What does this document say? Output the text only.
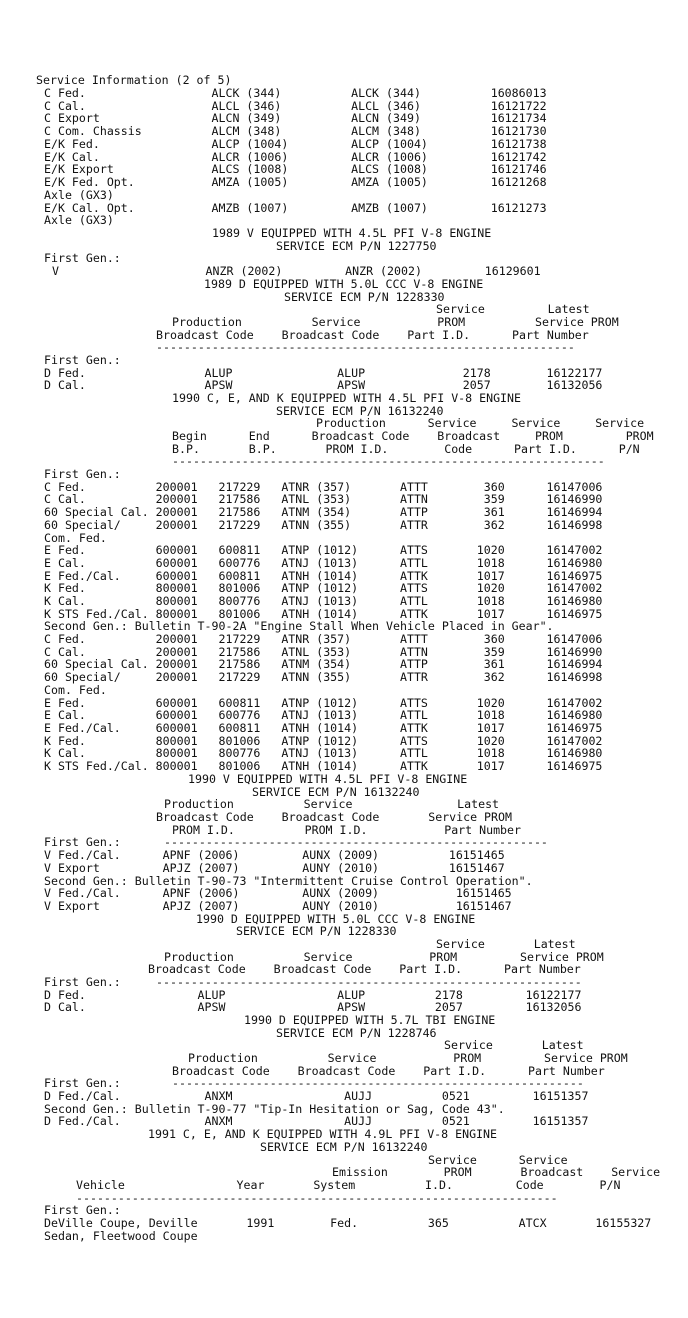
Service Information (2 of 5)
C Fed.                  ALCK (344)          ALCK (344)          16086013
C Cal.                  ALCL (346)          ALCL (346)          16121722
C Export                ALCN (349)          ALCN (349)          16121734
C Com. Chassis          ALCM (348)          ALCM (348)          16121730
E/K Fed.                ALCP (1004)         ALCP (1004)         16121738
E/K Cal.                ALCR (1006)         ALCR (1006)         16121742
E/K Export              ALCS (1008)         ALCS (1008)         16121746
E/K Fed. Opt.           AMZA (1005)         AMZA (1005)         16121268
Axle (GX3)
E/K Cal. Opt.           AMZB (1007)         AMZB (1007)         16121273
Axle (GX3)
1989 V EQUIPPED WITH 4.5L PFI V-8 ENGINE
SERVICE ECM P/N 1227750
First Gen.:
V                     ANZR (2002)         ANZR (2002)         16129601
1989 D EQUIPPED WITH 5.0L CCC V-8 ENGINE
SERVICE ECM P/N 1228330
Service         Latest
Production          Service           PROM          Service PROM
Broadcast Code    Broadcast Code    Part I.D.      Part Number
------------------------------------------------------------
First Gen.:
D Fed.                 ALUP               ALUP              2178        16122177
D Cal.                 APSW               APSW              2057        16132056
1990 C, E, AND K EQUIPPED WITH 4.5L PFI V-8 ENGINE
SERVICE ECM P/N 16132240
Production      Service     Service     Service
Begin      End      Broadcast Code    Broadcast     PROM         PROM
B.P.       B.P.       PROM I.D.        Code      Part I.D.      P/N
--------------------------------------------------------------
First Gen.:
C Fed.          200001   217229   ATNR (357)       ATTT        360      16147006
C Cal.          200001   217586   ATNL (353)       ATTN        359      16146990
60 Special Cal. 200001   217586   ATNM (354)       ATTP        361      16146994
60 Special/     200001   217229   ATNN (355)       ATTR        362      16146998
Com. Fed.
E Fed.          600001   600811   ATNP (1012)      ATTS       1020      16147002
E Cal.          600001   600776   ATNJ (1013)      ATTL       1018      16146980
E Fed./Cal.     600001   600811   ATNH (1014)      ATTK       1017      16146975
K Fed.          800001   801006   ATNP (1012)      ATTS       1020      16147002
K Cal.          800001   800776   ATNJ (1013)      ATTL       1018      16146980
K STS Fed./Cal. 800001   801006   ATNH (1014)      ATTK       1017      16146975
Second Gen.: Bulletin T-90-2A "Engine Stall When Vehicle Placed in Gear".
C Fed.          200001   217229   ATNR (357)       ATTT        360      16147006
C Cal.          200001   217586   ATNL (353)       ATTN        359      16146990
60 Special Cal. 200001   217586   ATNM (354)       ATTP        361      16146994
60 Special/     200001   217229   ATNN (355)       ATTR        362      16146998
Com. Fed.
E Fed.          600001   600811   ATNP (1012)      ATTS       1020      16147002
E Cal.          600001   600776   ATNJ (1013)      ATTL       1018      16146980
E Fed./Cal.     600001   600811   ATNH (1014)      ATTK       1017      16146975
K Fed.          800001   801006   ATNP (1012)      ATTS       1020      16147002
K Cal.          800001   800776   ATNJ (1013)      ATTL       1018      16146980
K STS Fed./Cal. 800001   801006   ATNH (1014)      ATTK       1017      16146975
1990 V EQUIPPED WITH 4.5L PFI V-8 ENGINE
SERVICE ECM P/N 16132240
Production          Service               Latest
Broadcast Code    Broadcast Code       Service PROM
PROM I.D.          PROM I.D.           Part Number
-------------------------------------------------------
First Gen.:
V Fed./Cal.      APNF (2006)         AUNX (2009)          16151465
V Export         APJZ (2007)         AUNY (2010)          16151467
Second Gen.: Bulletin T-90-73 "Intermittent Cruise Control Operation".
V Fed./Cal.      APNF (2006)         AUNX (2009)           16151465
V Export         APJZ (2007)         AUNY (2010)           16151467
1990 D EQUIPPED WITH 5.0L CCC V-8 ENGINE
SERVICE ECM P/N 1228330
Service       Latest
Production          Service           PROM         Service PROM
Broadcast Code    Broadcast Code    Part I.D.      Part Number
First Gen.:	-------------------------------------------------------------
D Fed.                ALUP                ALUP          2178         16122177
D Cal.                APSW                APSW          2057         16132056
1990 D EQUIPPED WITH 5.7L TBI ENGINE
SERVICE ECM P/N 1228746
Service       Latest
Production          Service           PROM         Service PROM
Broadcast Code    Broadcast Code    Part I.D.      Part Number
First Gen.:	-----------------------------------------------------------
D Fed./Cal.            ANXM                AUJJ          0521         16151357
Second Gen.: Bulletin T-90-77 "Tip-In Hesitation or Sag, Code 43".
D Fed./Cal.            ANXM                AUJJ          0521         16151357
1991 C, E, AND K EQUIPPED WITH 4.9L PFI V-8 ENGINE
SERVICE ECM P/N 16132240
Service      Service
Emission        PROM       Broadcast    Service
Vehicle                Year       System          I.D.         Code        P/N
---------------------------------------------------------------------
First Gen.:
DeVille Coupe, Deville       1991        Fed.          365          ATCX       16155327
Sedan, Fleetwood Coupe
